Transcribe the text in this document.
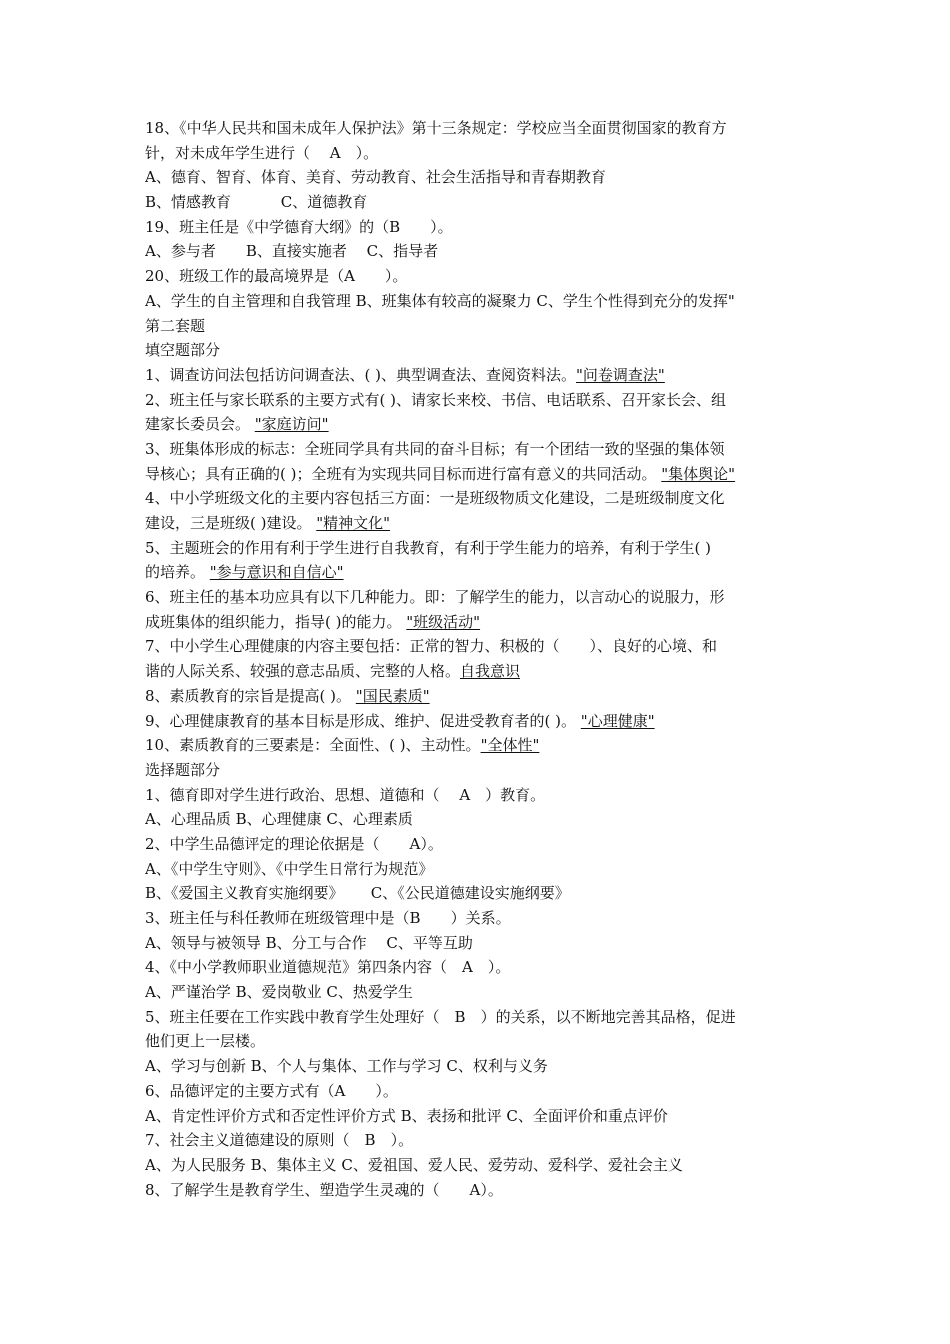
18、《中华人民共和国未成年人保护法》第十三条规定：学校应当全面贯彻国家的教育方
针，对未成年学生进行（　 A　）。
A、德育、智育、体育、美育、劳动教育、社会生活指导和青春期教育
B、情感教育　　　 C、道德教育
19、班主任是《中学德育大纲》的（B　　）。
A、参与者　　B、直接实施者　 C、指导者
20、班级工作的最高境界是（A　　）。
A、学生的自主管理和自我管理 B、班集体有较高的凝聚力 C、学生个性得到充分的发挥"
第二套题
填空题部分
1、调查访问法包括访问调查法、( )、典型调查法、查阅资料法。"问卷调查法"
2、班主任与家长联系的主要方式有( )、请家长来校、书信、电话联系、召开家长会、组
建家长委员会。 "家庭访问"
3、班集体形成的标志：全班同学具有共同的奋斗目标；有一个团结一致的坚强的集体领
导核心；具有正确的( )；全班有为实现共同目标而进行富有意义的共同活动。 "集体舆论"
4、中小学班级文化的主要内容包括三方面：一是班级物质文化建设，二是班级制度文化
建设，三是班级( )建设。 "精神文化"
5、主题班会的作用有利于学生进行自我教育，有利于学生能力的培养，有利于学生( )
的培养。 "参与意识和自信心"
6、班主任的基本功应具有以下几种能力。即：了解学生的能力，以言动心的说服力，形
成班集体的组织能力，指导( )的能力。 "班级活动"
7、中小学生心理健康的内容主要包括：正常的智力、积极的（　　）、良好的心境、和
谐的人际关系、较强的意志品质、完整的人格。自我意识
8、素质教育的宗旨是提高( )。 "国民素质"
9、心理健康教育的基本目标是形成、维护、促进受教育者的( )。 "心理健康"
10、素质教育的三要素是：全面性、( )、主动性。"全体性"
选择题部分
1、德育即对学生进行政治、思想、道德和（　 A　）教育。
A、心理品质 B、心理健康 C、心理素质
2、中学生品德评定的理论依据是（　　A）。
A、《中学生守则》、《中学生日常行为规范》
B、《爱国主义教育实施纲要》　　 C、《公民道德建设实施纲要》
3、班主任与科任教师在班级管理中是（B　　）关系。
A、领导与被领导 B、分工与合作　 C、平等互助
4、《中小学教师职业道德规范》第四条内容（　A　）。
A、严谨治学 B、爱岗敬业 C、热爱学生
5、班主任要在工作实践中教育学生处理好（　B　）的关系，以不断地完善其品格，促进
他们更上一层楼。
A、学习与创新 B、个人与集体、工作与学习 C、权利与义务
6、品德评定的主要方式有（A　　）。
A、肯定性评价方式和否定性评价方式 B、表扬和批评 C、全面评价和重点评价
7、社会主义道德建设的原则（　B　）。
A、为人民服务 B、集体主义 C、爱祖国、爱人民、爱劳动、爱科学、爱社会主义
8、了解学生是教育学生、塑造学生灵魂的（　　A）。
